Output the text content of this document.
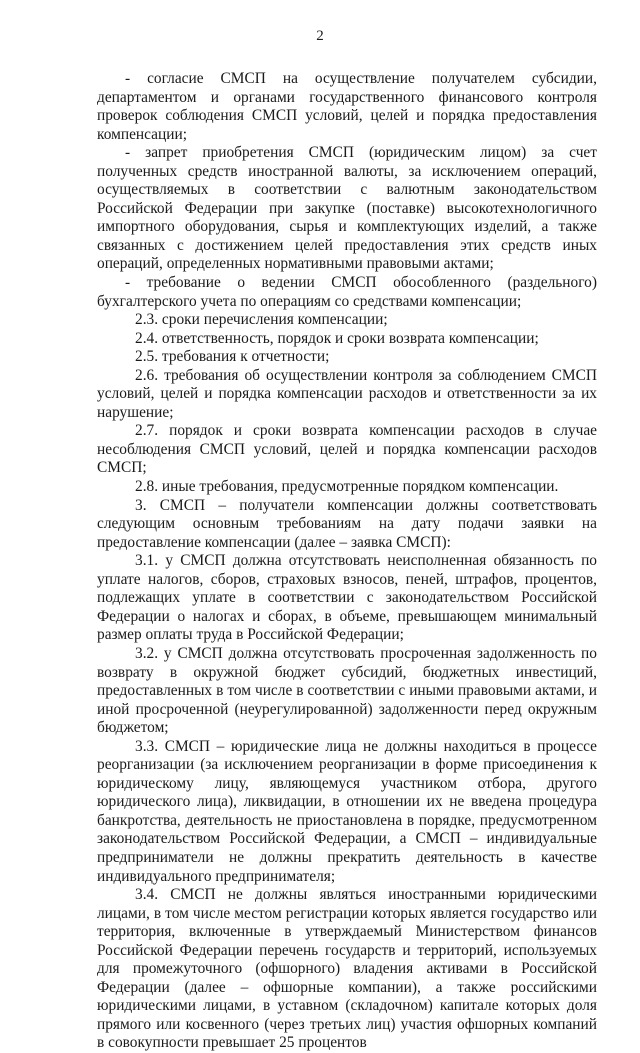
2

- согласие СМСП на осуществление получателем субсидии, департаментом и органами государственного финансового контроля проверок соблюдения СМСП условий, целей и порядка предоставления компенсации;

- запрет приобретения СМСП (юридическим лицом) за счет полученных средств иностранной валюты, за исключением операций, осуществляемых в соответствии с валютным законодательством Российской Федерации при закупке (поставке) высокотехнологичного импортного оборудования, сырья и комплектующих изделий, а также связанных с достижением целей предоставления этих средств иных операций, определенных нормативными правовыми актами;

- требование о ведении СМСП обособленного (раздельного) бухгалтерского учета по операциям со средствами компенсации;

2.3. сроки перечисления компенсации;

2.4. ответственность, порядок и сроки возврата компенсации;

2.5. требования к отчетности;

2.6. требования об осуществлении контроля за соблюдением СМСП условий, целей и порядка компенсации расходов и ответственности за их нарушение;

2.7. порядок и сроки возврата компенсации расходов в случае несоблюдения СМСП условий, целей и порядка компенсации расходов СМСП;

2.8. иные требования, предусмотренные порядком компенсации.

3. СМСП – получатели компенсации должны соответствовать следующим основным требованиям на дату подачи заявки на предоставление компенсации (далее – заявка СМСП):

3.1. у СМСП должна отсутствовать неисполненная обязанность по уплате налогов, сборов, страховых взносов, пеней, штрафов, процентов, подлежащих уплате в соответствии с законодательством Российской Федерации о налогах и сборах, в объеме, превышающем минимальный размер оплаты труда в Российской Федерации;

3.2. у СМСП должна отсутствовать просроченная задолженность по возврату в окружной бюджет субсидий, бюджетных инвестиций, предоставленных в том числе в соответствии с иными правовыми актами, и иной просроченной (неурегулированной) задолженности перед окружным бюджетом;

3.3. СМСП – юридические лица не должны находиться в процессе реорганизации (за исключением реорганизации в форме присоединения к юридическому лицу, являющемуся участником отбора, другого юридического лица), ликвидации, в отношении их не введена процедура банкротства, деятельность не приостановлена в порядке, предусмотренном законодательством Российской Федерации, а СМСП – индивидуальные предприниматели не должны прекратить деятельность в качестве индивидуального предпринимателя;

3.4. СМСП не должны являться иностранными юридическими лицами, в том числе местом регистрации которых является государство или территория, включенные в утверждаемый Министерством финансов Российской Федерации перечень государств и территорий, используемых для промежуточного (офшорного) владения активами в Российской Федерации (далее – офшорные компании), а также российскими юридическими лицами, в уставном (складочном) капитале которых доля прямого или косвенного (через третьих лиц) участия офшорных компаний в совокупности превышает 25 процентов
